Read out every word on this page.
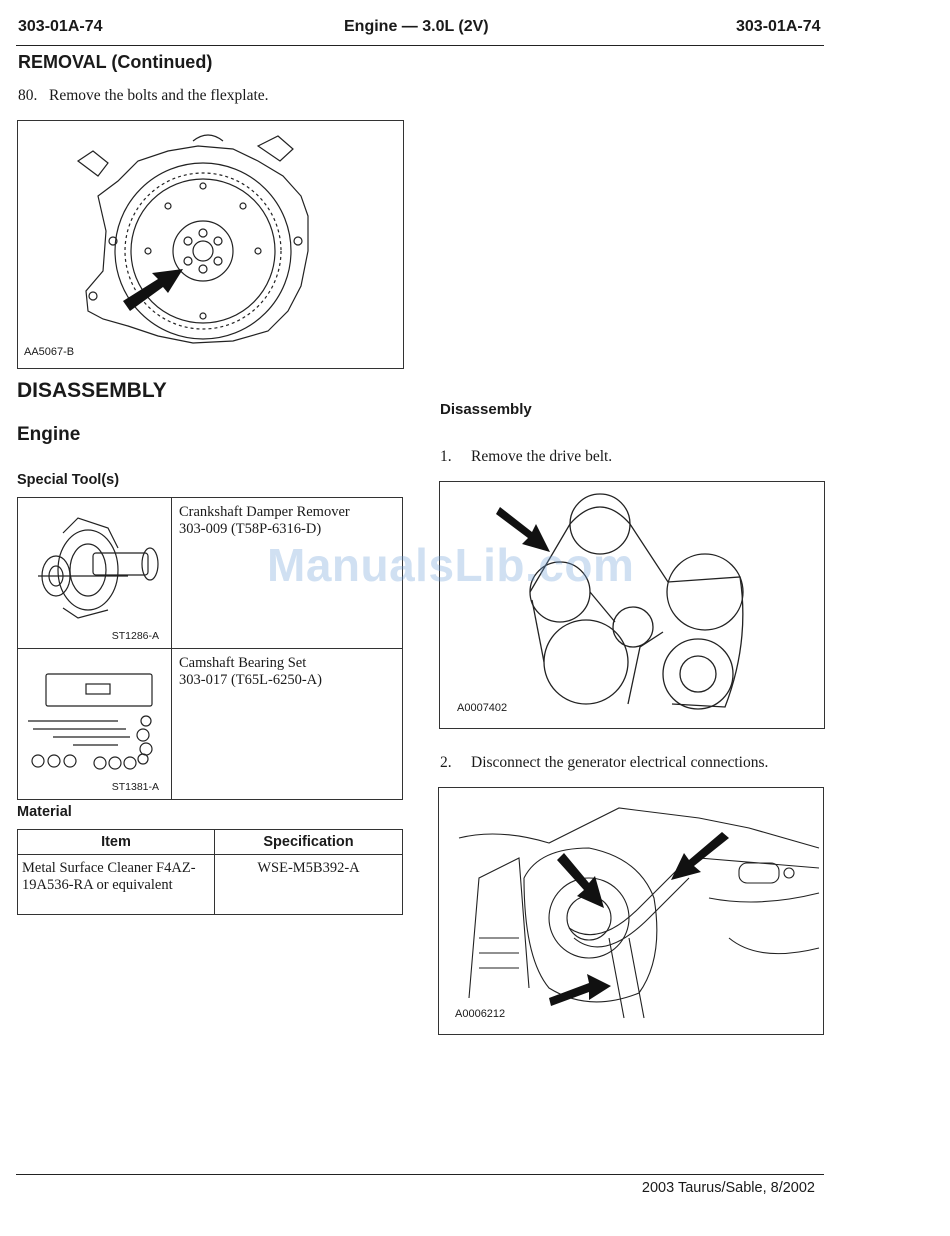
303-01A-74	Engine — 3.0L (2V)	303-01A-74
REMOVAL (Continued)
80. Remove the bolts and the flexplate.
AA5067-B
DISASSEMBLY
Engine
Special Tool(s)
ST1286-A	Crankshaft Damper Remover
303-009 (T58P-6316-D)

ST1381-A	Camshaft Bearing Set
303-017 (T65L-6250-A)
Material
Item	Specification
Metal Surface Cleaner F4AZ-19A536-RA or equivalent	WSE-M5B392-A
Disassembly
1. Remove the drive belt.
A0007402
2. Disconnect the generator electrical connections.
A0006212
ManualsLib.com
2003 Taurus/Sable, 8/2002
